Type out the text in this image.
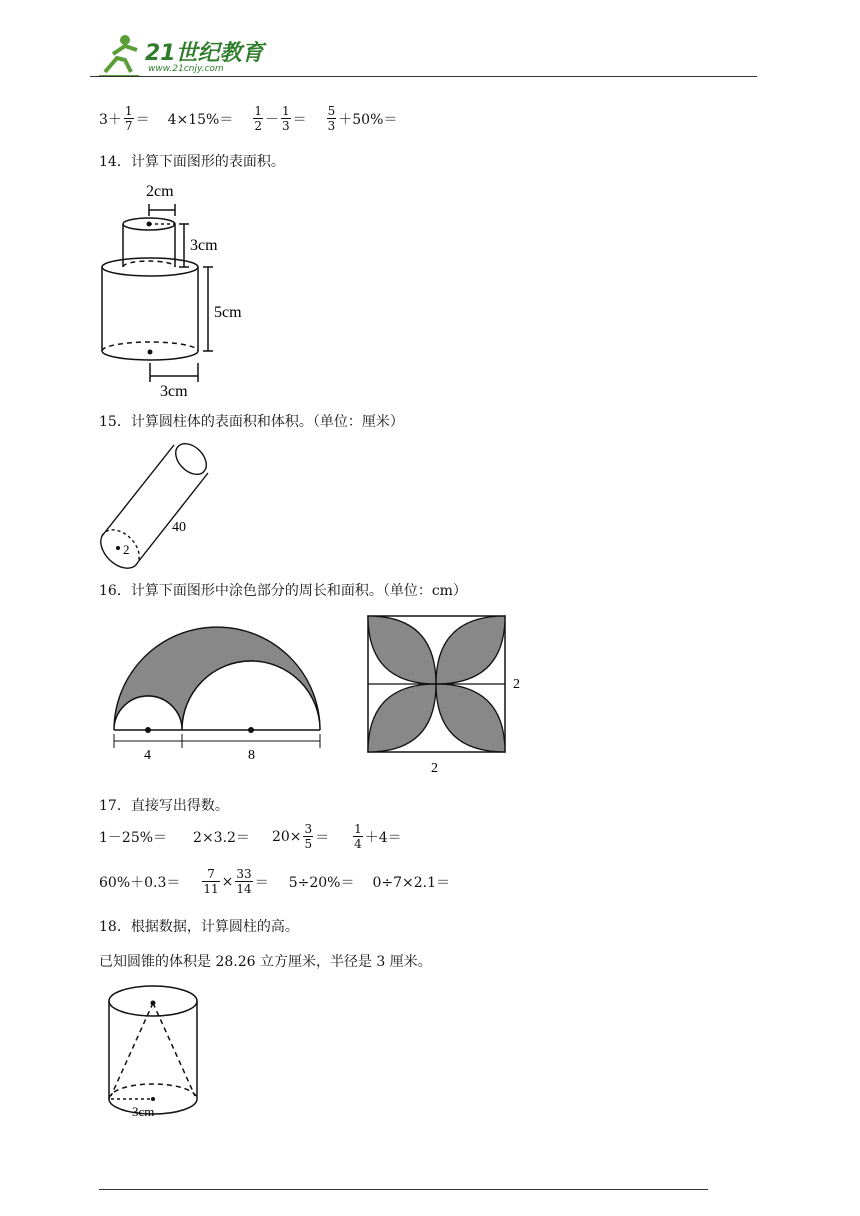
21世纪教育
www.21cnjy.com
$3+ \frac{1}{7} = 4\times 15\%= \frac{1}{2} - \frac{1}{3} = \frac{5}{3} +50\%=$
14．计算下面图形的表面积。
2cm
3cm
5cm
3cm
15．计算圆柱体的表面积和体积。（单位：厘米）
40
2
16．计算下面图形中涂色部分的周长和面积。（单位：cm）
4	8
2
2
17．直接写出得数。
$1-25\%= 2\times 3.2= 20\times \frac{3}{5} = \frac{1}{4} +4=$
$60\%+0.3= \frac{7}{11} \times \frac{33}{14} = 5\div 20\%= 0\div 7\times 2.1=$
18．根据数据，计算圆柱的高。
已知圆锥的体积是 28.26 立方厘米，半径是 3 厘米。
3cm
